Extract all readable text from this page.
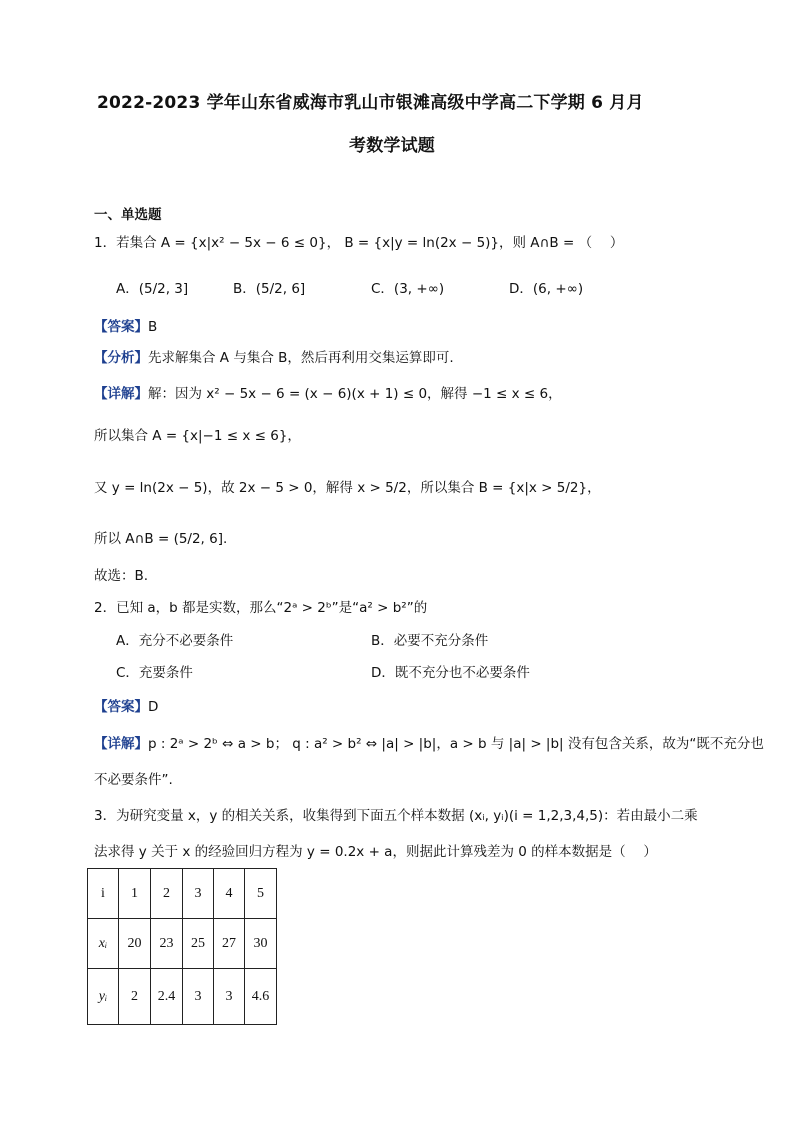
2022-2023 学年山东省威海市乳山市银滩高级中学高二下学期 6 月月
考数学试题
一、单选题
1．若集合 A = {x|x² − 5x − 6 ≤ 0}， B = {x|y = ln(2x − 5)}，则 A∩B = （　 ）
A．(5/2, 3]	B．(5/2, 6]	C．(3, +∞)	D．(6, +∞)
【答案】B
【分析】先求解集合 A 与集合 B，然后再利用交集运算即可.
【详解】解：因为 x² − 5x − 6 = (x − 6)(x + 1) ≤ 0，解得 −1 ≤ x ≤ 6，
所以集合 A = {x|−1 ≤ x ≤ 6}，
又 y = ln(2x − 5)，故 2x − 5 > 0，解得 x > 5/2，所以集合 B = {x|x > 5/2}，
所以 A∩B = (5/2, 6].
故选：B.
2．已知 a，b 都是实数，那么“2ᵃ > 2ᵇ”是“a² > b²”的
A．充分不必要条件	B．必要不充分条件
C．充要条件	D．既不充分也不必要条件
【答案】D
【详解】p : 2ᵃ > 2ᵇ ⇔ a > b； q : a² > b² ⇔ |a| > |b|，a > b 与 |a| > |b| 没有包含关系，故为“既不充分也
不必要条件”.
3．为研究变量 x，y 的相关关系，收集得到下面五个样本数据 (xᵢ, yᵢ)(i = 1,2,3,4,5)：若由最小二乘
法求得 y 关于 x 的经验回归方程为 y = 0.2x + a，则据此计算残差为 0 的样本数据是（　 ）
i	1	2	3	4	5
xᵢ	20	23	25	27	30
yᵢ	2	2.4	3	3	4.6
